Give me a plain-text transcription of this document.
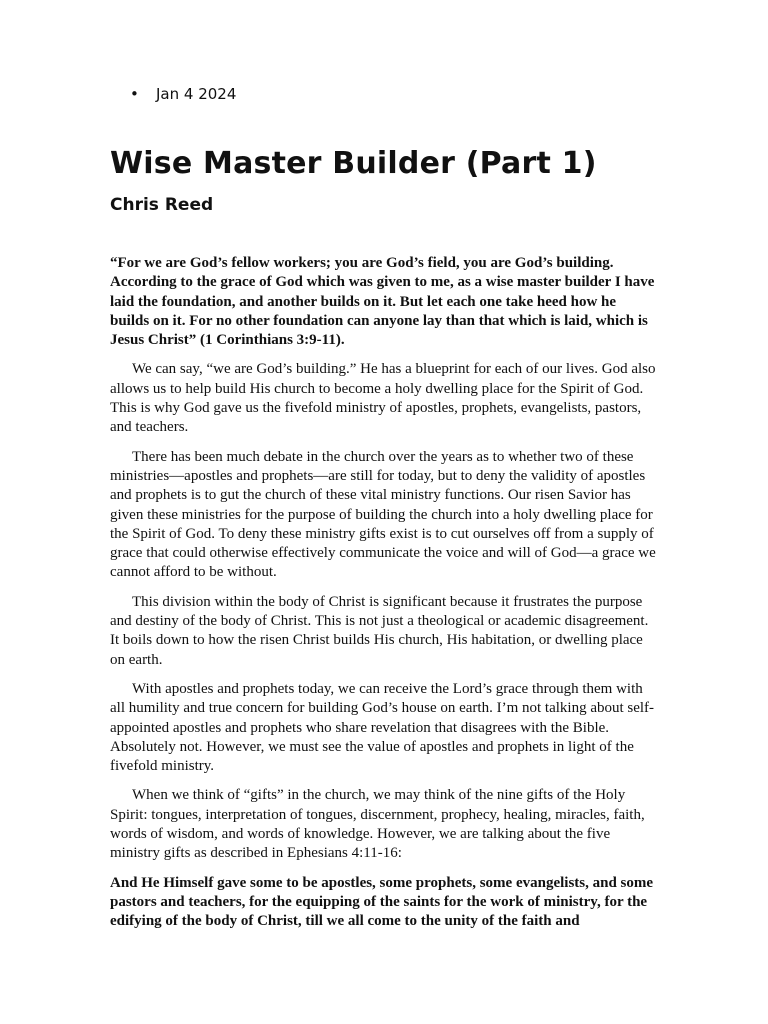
• Jan 4 2024
Wise Master Builder (Part 1)
Chris Reed

“For we are God’s fellow workers; you are God’s field, you are God’s building. According to the grace of God which was given to me, as a wise master builder I have laid the foundation, and another builds on it. But let each one take heed how he builds on it. For no other foundation can anyone lay than that which is laid, which is Jesus Christ” (1 Corinthians 3:9-11).

We can say, “we are God’s building.” He has a blueprint for each of our lives. God also allows us to help build His church to become a holy dwelling place for the Spirit of God. This is why God gave us the fivefold ministry of apostles, prophets, evangelists, pastors, and teachers.

There has been much debate in the church over the years as to whether two of these ministries—apostles and prophets—are still for today, but to deny the validity of apostles and prophets is to gut the church of these vital ministry functions. Our risen Savior has given these ministries for the purpose of building the church into a holy dwelling place for the Spirit of God. To deny these ministry gifts exist is to cut ourselves off from a supply of grace that could otherwise effectively communicate the voice and will of God—a grace we cannot afford to be without.

This division within the body of Christ is significant because it frustrates the purpose and destiny of the body of Christ. This is not just a theological or academic disagreement. It boils down to how the risen Christ builds His church, His habitation, or dwelling place on earth.

With apostles and prophets today, we can receive the Lord’s grace through them with all humility and true concern for building God’s house on earth. I’m not talking about self-appointed apostles and prophets who share revelation that disagrees with the Bible. Absolutely not. However, we must see the value of apostles and prophets in light of the fivefold ministry.

When we think of “gifts” in the church, we may think of the nine gifts of the Holy Spirit: tongues, interpretation of tongues, discernment, prophecy, healing, miracles, faith, words of wisdom, and words of knowledge. However, we are talking about the five ministry gifts as described in Ephesians 4:11-16:

And He Himself gave some to be apostles, some prophets, some evangelists, and some pastors and teachers, for the equipping of the saints for the work of ministry, for the edifying of the body of Christ, till we all come to the unity of the faith and
